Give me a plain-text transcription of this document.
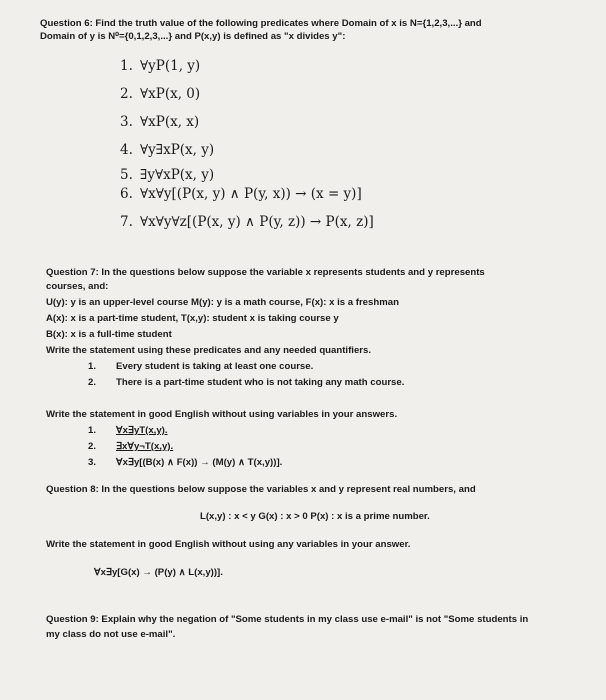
Question 6: Find the truth value of the following predicates where Domain of x is N={1,2,3,...} and
Domain of y is N⁰={0,1,2,3,...} and P(x,y) is defined as "x divides y":
1. ∀yP(1, y)
2. ∀xP(x, 0)
3. ∀xP(x, x)
4. ∀y∃xP(x, y)
5. ∃y∀xP(x, y)
6. ∀x∀y[(P(x, y) ∧ P(y, x)) → (x = y)]
7. ∀x∀y∀z[(P(x, y) ∧ P(y, z)) → P(x, z)]
Question 7: In the questions below suppose the variable x represents students and y represents
courses, and:
U(y): y is an upper-level course M(y): y is a math course, F(x): x is a freshman
A(x): x is a part-time student, T(x,y): student x is taking course y
B(x): x is a full-time student
Write the statement using these predicates and any needed quantifiers.
1. Every student is taking at least one course.
2. There is a part-time student who is not taking any math course.
Write the statement in good English without using variables in your answers.
1. ∀x∃yT(x,y).
2. ∃x∀y¬T(x,y).
3. ∀x∃y[(B(x) ∧ F(x)) → (M(y) ∧ T(x,y))].
Question 8: In the questions below suppose the variables x and y represent real numbers, and
L(x,y) : x < y G(x) : x > 0 P(x) : x is a prime number.
Write the statement in good English without using any variables in your answer.
∀x∃y[G(x) → (P(y) ∧ L(x,y))].
Question 9: Explain why the negation of "Some students in my class use e-mail" is not "Some students in
my class do not use e-mail".
